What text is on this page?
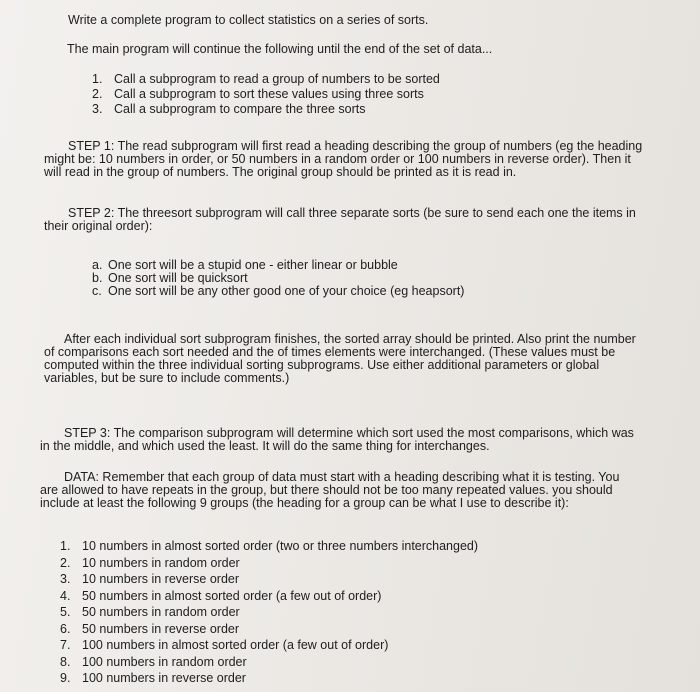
Write a complete program to collect statistics on a series of sorts.

The main program will continue the following until the end of the set of data...

1. Call a subprogram to read a group of numbers to be sorted
2. Call a subprogram to sort these values using three sorts
3. Call a subprogram to compare the three sorts

STEP 1: The read subprogram will first read a heading describing the group of numbers (eg the heading

might be: 10 numbers in order, or 50 numbers in a random order or 100 numbers in reverse order). Then it

will read in the group of numbers. The original group should be printed as it is read in.

STEP 2: The threesort subprogram will call three separate sorts (be sure to send each one the items in

their original order):

a. One sort will be a stupid one - either linear or bubble
b. One sort will be quicksort
c. One sort will be any other good one of your choice (eg heapsort)

After each individual sort subprogram finishes, the sorted array should be printed. Also print the number

of comparisons each sort needed and the of times elements were interchanged. (These values must be

computed within the three individual sorting subprograms. Use either additional parameters or global

variables, but be sure to include comments.)

STEP 3: The comparison subprogram will determine which sort used the most comparisons, which was

in the middle, and which used the least. It will do the same thing for interchanges.

DATA: Remember that each group of data must start with a heading describing what it is testing. You

are allowed to have repeats in the group, but there should not be too many repeated values. you should

include at least the following 9 groups (the heading for a group can be what I use to describe it):

1. 10 numbers in almost sorted order (two or three numbers interchanged)
2. 10 numbers in random order
3. 10 numbers in reverse order
4. 50 numbers in almost sorted order (a few out of order)
5. 50 numbers in random order
6. 50 numbers in reverse order
7. 100 numbers in almost sorted order (a few out of order)
8. 100 numbers in random order
9. 100 numbers in reverse order
